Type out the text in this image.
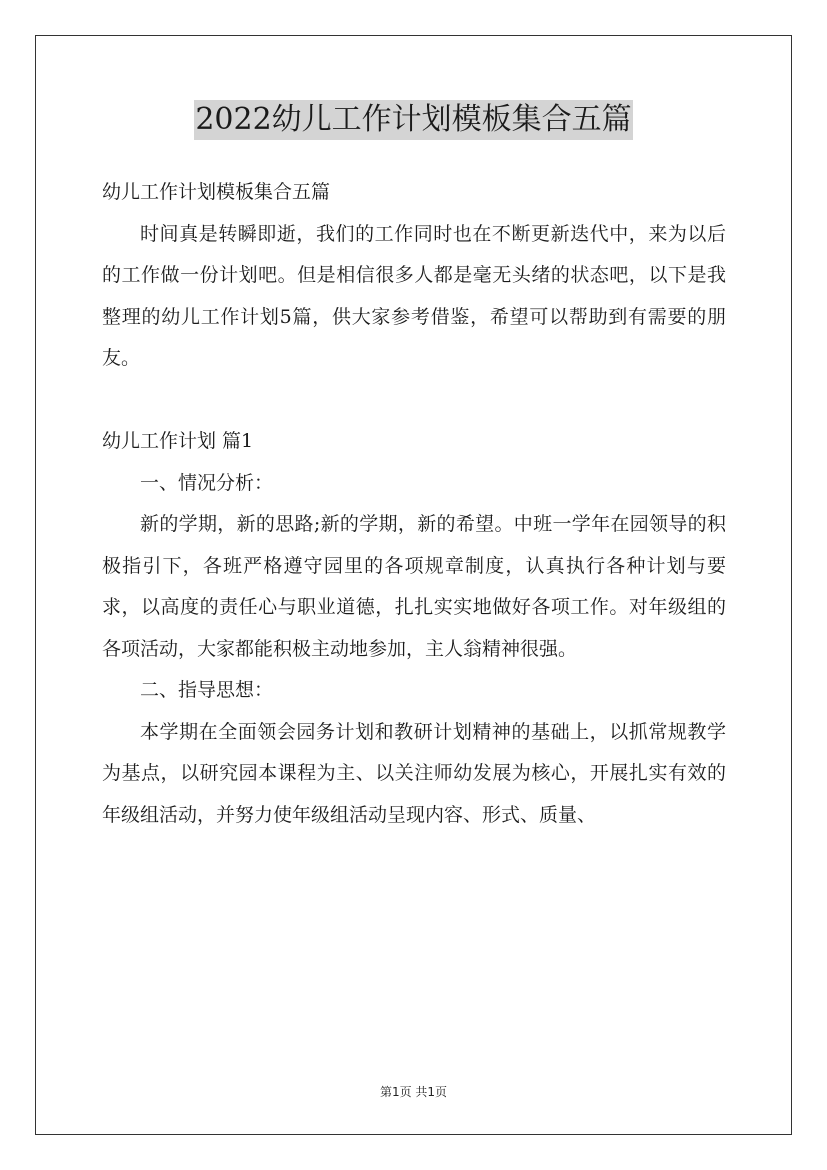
2022幼儿工作计划模板集合五篇

幼儿工作计划模板集合五篇

时间真是转瞬即逝，我们的工作同时也在不断更新迭代中，来为以后的工作做一份计划吧。但是相信很多人都是毫无头绪的状态吧，以下是我整理的幼儿工作计划5篇，供大家参考借鉴，希望可以帮助到有需要的朋友。

幼儿工作计划 篇1

一、情况分析：

新的学期，新的思路;新的学期，新的希望。中班一学年在园领导的积极指引下，各班严格遵守园里的各项规章制度，认真执行各种计划与要求，以高度的责任心与职业道德，扎扎实实地做好各项工作。对年级组的各项活动，大家都能积极主动地参加，主人翁精神很强。

二、指导思想：

本学期在全面领会园务计划和教研计划精神的基础上，以抓常规教学为基点，以研究园本课程为主、以关注师幼发展为核心，开展扎实有效的年级组活动，并努力使年级组活动呈现内容、形式、质量、

第1页 共1页
